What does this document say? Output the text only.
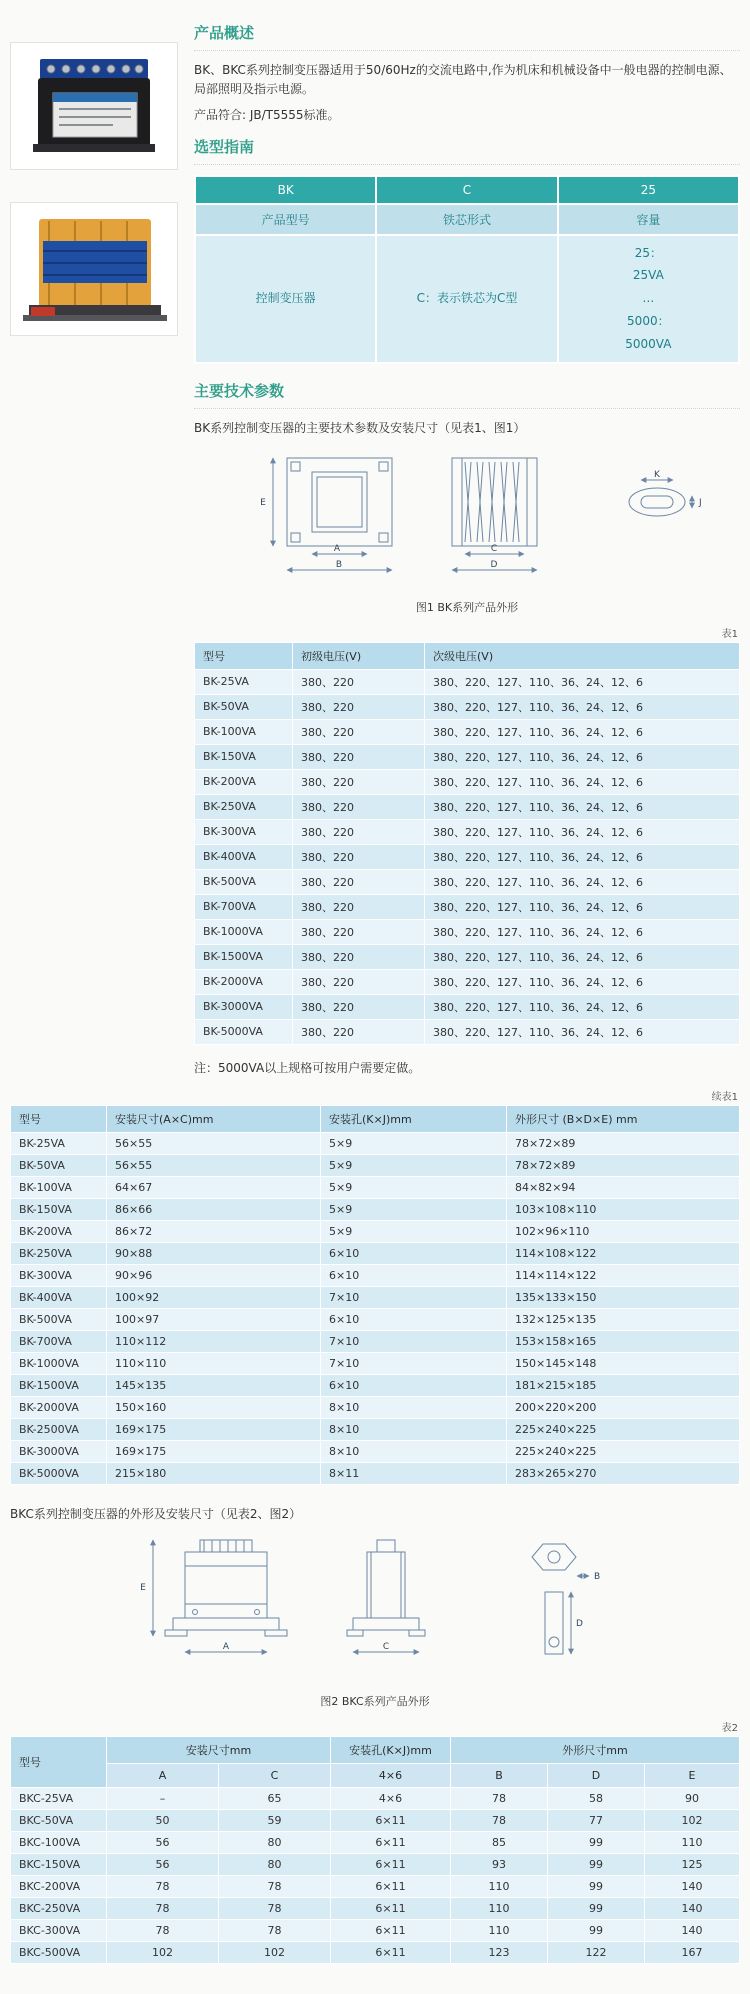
产品概述

BK、BKC系列控制变压器适用于50/60Hz的交流电路中,作为机床和机械设备中一般电器的控制电源、局部照明及指示电源。

产品符合: JB/T5555标准。

选型指南
BK	C	25
产品型号	铁芯形式	容量
控制变压器	C：表示铁芯为C型	25：
25VA
…
5000：
5000VA
主要技术参数

BK系列控制变压器的主要技术参数及安装尺寸（见表1、图1）

A
B
E
C
D
K
J
图1 BK系列产品外形
表1
型号	初级电压(V)	次级电压(V)
BK-25VA	380、220	380、220、127、110、36、24、12、6
BK-50VA	380、220	380、220、127、110、36、24、12、6
BK-100VA	380、220	380、220、127、110、36、24、12、6
BK-150VA	380、220	380、220、127、110、36、24、12、6
BK-200VA	380、220	380、220、127、110、36、24、12、6
BK-250VA	380、220	380、220、127、110、36、24、12、6
BK-300VA	380、220	380、220、127、110、36、24、12、6
BK-400VA	380、220	380、220、127、110、36、24、12、6
BK-500VA	380、220	380、220、127、110、36、24、12、6
BK-700VA	380、220	380、220、127、110、36、24、12、6
BK-1000VA	380、220	380、220、127、110、36、24、12、6
BK-1500VA	380、220	380、220、127、110、36、24、12、6
BK-2000VA	380、220	380、220、127、110、36、24、12、6
BK-3000VA	380、220	380、220、127、110、36、24、12、6
BK-5000VA	380、220	380、220、127、110、36、24、12、6

注：5000VA以上规格可按用户需要定做。

续表1
型号	安装尺寸(A×C)mm	安装孔(K×J)mm	外形尺寸 (B×D×E) mm
BK-25VA	56×55	5×9	78×72×89
BK-50VA	56×55	5×9	78×72×89
BK-100VA	64×67	5×9	84×82×94
BK-150VA	86×66	5×9	103×108×110
BK-200VA	86×72	5×9	102×96×110
BK-250VA	90×88	6×10	114×108×122
BK-300VA	90×96	6×10	114×114×122
BK-400VA	100×92	7×10	135×133×150
BK-500VA	100×97	6×10	132×125×135
BK-700VA	110×112	7×10	153×158×165
BK-1000VA	110×110	7×10	150×145×148
BK-1500VA	145×135	6×10	181×215×185
BK-2000VA	150×160	8×10	200×220×200
BK-2500VA	169×175	8×10	225×240×225
BK-3000VA	169×175	8×10	225×240×225
BK-5000VA	215×180	8×11	283×265×270

BKC系列控制变压器的外形及安装尺寸（见表2、图2）

A
E
C
B
D
图2 BKC系列产品外形
表2
型号	安装尺寸mm		安装孔(K×J)mm	外形尺寸mm		
	A	C	4×6	B	D	E
BKC-25VA	–	65	4×6	78	58	90
BKC-50VA	50	59	6×11	78	77	102
BKC-100VA	56	80	6×11	85	99	110
BKC-150VA	56	80	6×11	93	99	125
BKC-200VA	78	78	6×11	110	99	140
BKC-250VA	78	78	6×11	110	99	140
BKC-300VA	78	78	6×11	110	99	140
BKC-500VA	102	102	6×11	123	122	167
